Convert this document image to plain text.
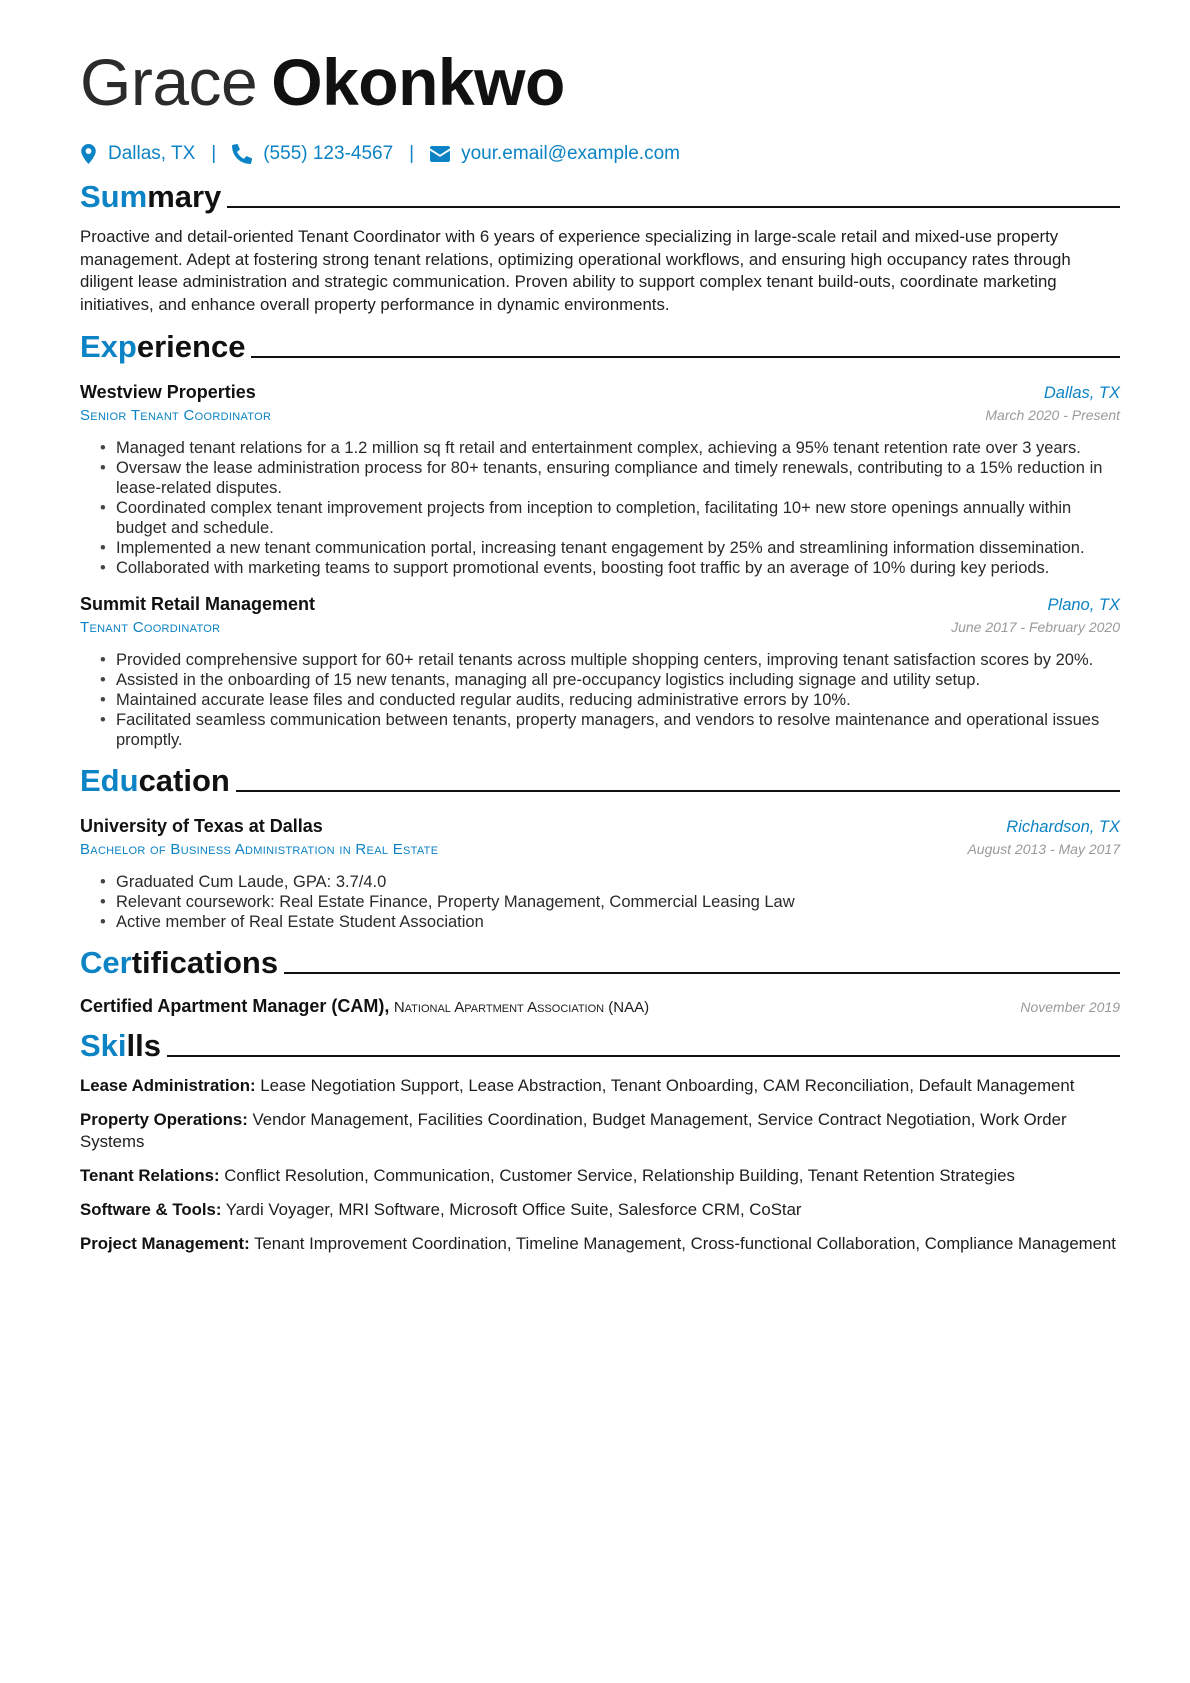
Grace Okonkwo
Dallas, TX | (555) 123-4567 | your.email@example.com
Summary

Proactive and detail-oriented Tenant Coordinator with 6 years of experience specializing in large-scale retail and mixed-use property management. Adept at fostering strong tenant relations, optimizing operational workflows, and ensuring high occupancy rates through diligent lease administration and strategic communication. Proven ability to support complex tenant build-outs, coordinate marketing initiatives, and enhance overall property performance in dynamic environments.

Experience
Westview Properties	Dallas, TX
Senior Tenant Coordinator	March 2020 - Present
• Managed tenant relations for a 1.2 million sq ft retail and entertainment complex, achieving a 95% tenant retention rate over 3 years.
• Oversaw the lease administration process for 80+ tenants, ensuring compliance and timely renewals, contributing to a 15% reduction in lease-related disputes.
• Coordinated complex tenant improvement projects from inception to completion, facilitating 10+ new store openings annually within budget and schedule.
• Implemented a new tenant communication portal, increasing tenant engagement by 25% and streamlining information dissemination.
• Collaborated with marketing teams to support promotional events, boosting foot traffic by an average of 10% during key periods.
Summit Retail Management	Plano, TX
Tenant Coordinator	June 2017 - February 2020
• Provided comprehensive support for 60+ retail tenants across multiple shopping centers, improving tenant satisfaction scores by 20%.
• Assisted in the onboarding of 15 new tenants, managing all pre-occupancy logistics including signage and utility setup.
• Maintained accurate lease files and conducted regular audits, reducing administrative errors by 10%.
• Facilitated seamless communication between tenants, property managers, and vendors to resolve maintenance and operational issues promptly.
Education
University of Texas at Dallas	Richardson, TX
Bachelor of Business Administration in Real Estate	August 2013 - May 2017
• Graduated Cum Laude, GPA: 3.7/4.0
• Relevant coursework: Real Estate Finance, Property Management, Commercial Leasing Law
• Active member of Real Estate Student Association
Certifications
Certified Apartment Manager (CAM), National Apartment Association (NAA)	November 2019
Skills
Lease Administration: Lease Negotiation Support, Lease Abstraction, Tenant Onboarding, CAM Reconciliation, Default Management
Property Operations: Vendor Management, Facilities Coordination, Budget Management, Service Contract Negotiation, Work Order Systems
Tenant Relations: Conflict Resolution, Communication, Customer Service, Relationship Building, Tenant Retention Strategies
Software & Tools: Yardi Voyager, MRI Software, Microsoft Office Suite, Salesforce CRM, CoStar
Project Management: Tenant Improvement Coordination, Timeline Management, Cross-functional Collaboration, Compliance Management
